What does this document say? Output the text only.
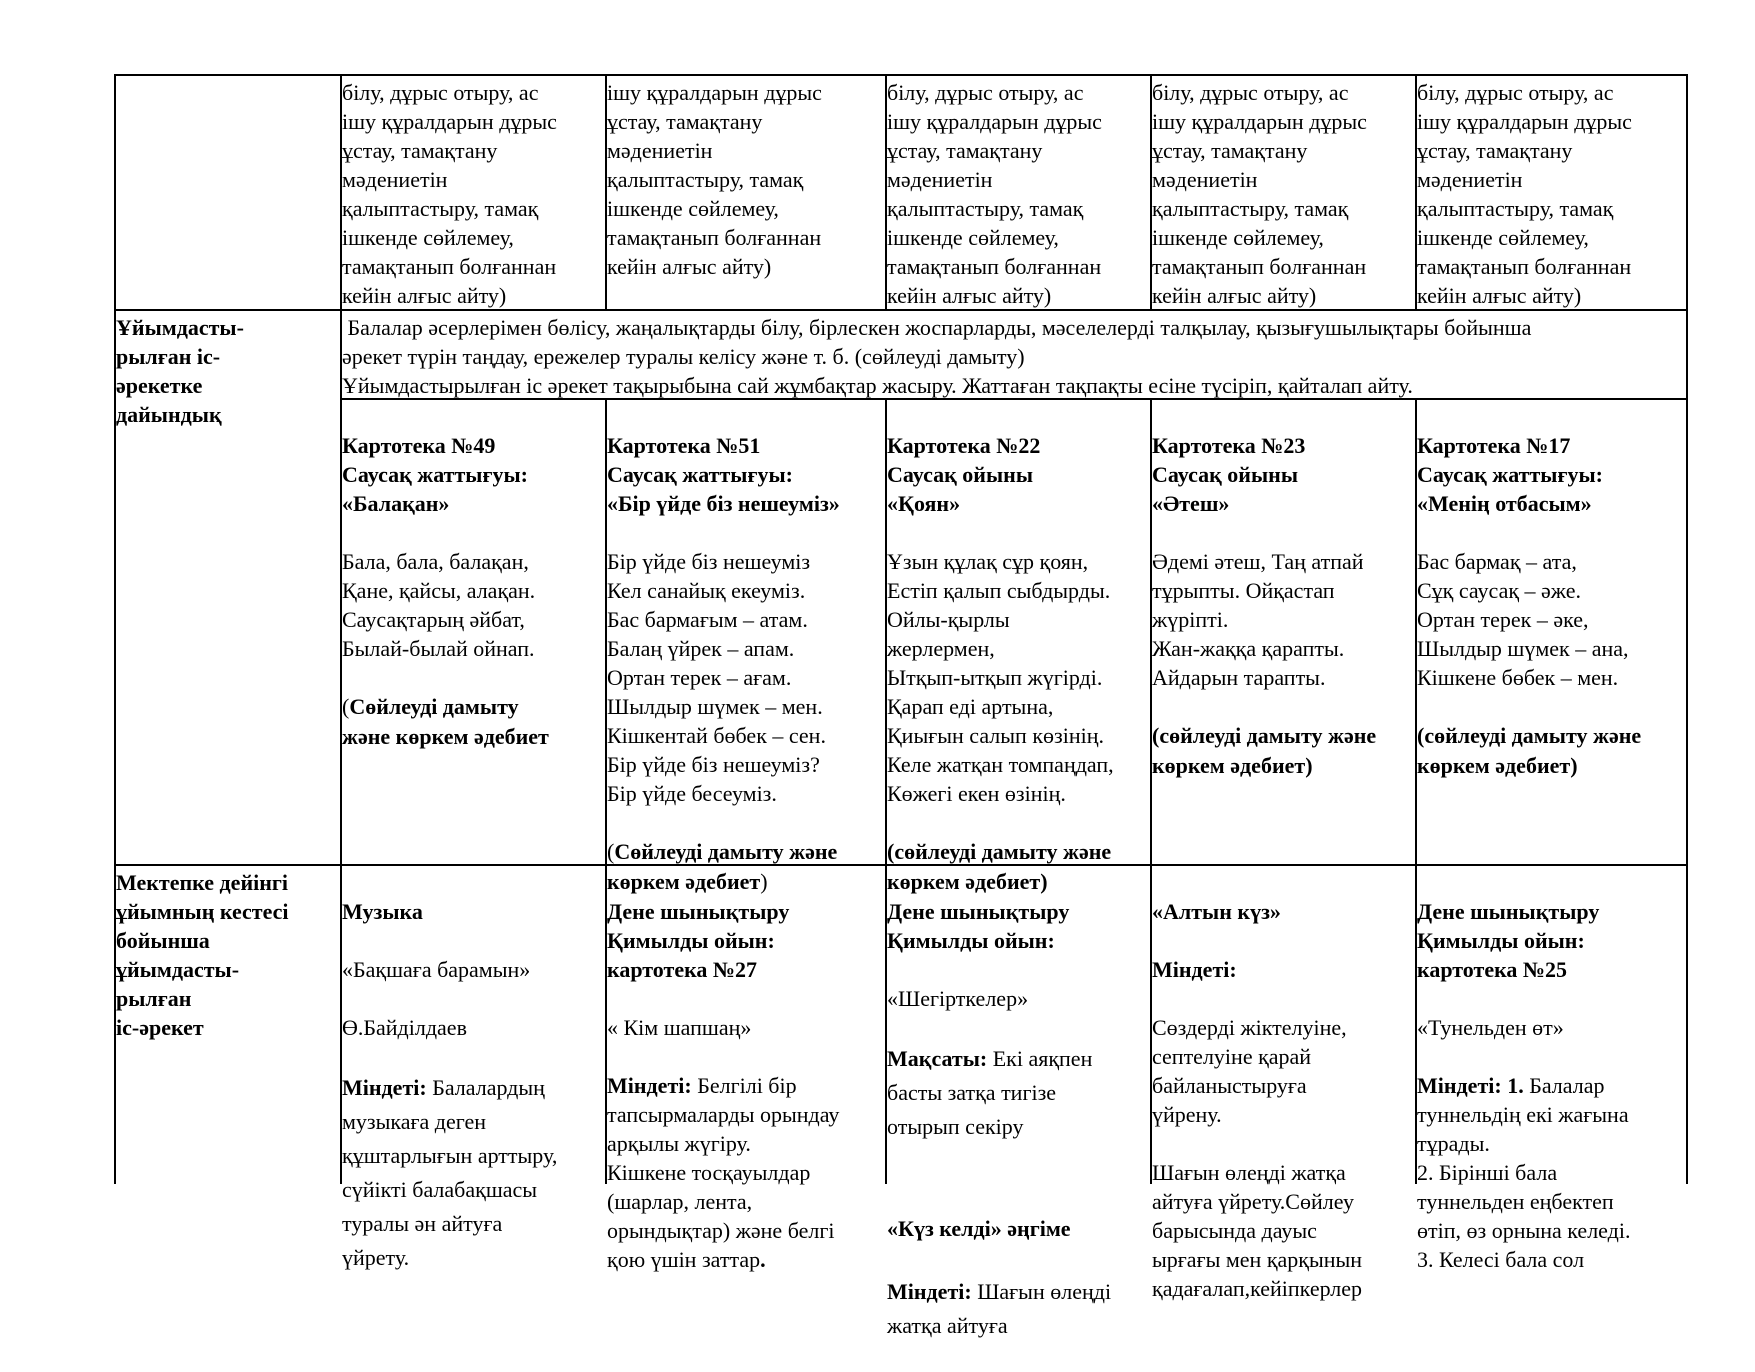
білу, дұрыс отыру, ас
ішу құралдарын дұрыс
ұстау, тамақтану
мәдениетін
қалыптастыру, тамақ
ішкенде сөйлемеу,
тамақтанып болғаннан
кейін алғыс айту)
ішу құралдарын дұрыс
ұстау, тамақтану
мәдениетін
қалыптастыру, тамақ
ішкенде сөйлемеу,
тамақтанып болғаннан
кейін алғыс айту)
білу, дұрыс отыру, ас
ішу құралдарын дұрыс
ұстау, тамақтану
мәдениетін
қалыптастыру, тамақ
ішкенде сөйлемеу,
тамақтанып болғаннан
кейін алғыс айту)
білу, дұрыс отыру, ас
ішу құралдарын дұрыс
ұстау, тамақтану
мәдениетін
қалыптастыру, тамақ
ішкенде сөйлемеу,
тамақтанып болғаннан
кейін алғыс айту)
білу, дұрыс отыру, ас
ішу құралдарын дұрыс
ұстау, тамақтану
мәдениетін
қалыптастыру, тамақ
ішкенде сөйлемеу,
тамақтанып болғаннан
кейін алғыс айту)
Ұйымдасты-
рылған іс-
әрекетке
дайындық
Балалар әсерлерімен бөлісу, жаңалықтарды білу, бірлескен жоспарларды, мәселелерді талқылау, қызығушылықтары бойынша
әрекет түрін таңдау, ережелер туралы келісу және т. б. (сөйлеуді дамыту)
Ұйымдастырылған іс әрекет тақырыбына сай жұмбақтар жасыру. Жаттаған тақпақты есіне түсіріп, қайталап айту.

Картотека №49
Саусақ жаттығуы:
«Балақан»

Бала, бала, балақан,
Қане, қайсы, алақан.
Саусақтарың әйбат,
Былай-былай ойнап.

(Сөйлеуді дамыту
және көркем әдебиет

Картотека №51
Саусақ жаттығуы:
«Бір үйде біз нешеуміз»

Бір үйде біз нешеуміз
Кел санайық екеуміз.
Бас бармағым – атам.
Балаң үйрек – апам.
Ортан терек – ағам.
Шылдыр шүмек – мен.
Кішкентай бөбек – сен.
Бір үйде біз нешеуміз?
Бір үйде бесеуміз.

(Сөйлеуді дамыту және
көркем әдебиет)

Картотека №22
Саусақ ойыны
«Қоян»

Ұзын құлақ сұр қоян,
Естіп қалып сыбдырды.
Ойлы-қырлы
жерлермен,
Ытқып-ытқып жүгірді.
Қарап еді артына,
Қиығын салып көзінің.
Келе жатқан томпаңдап,
Көжегі екен өзінің.

(сөйлеуді дамыту және
көркем әдебиет)

Картотека №23
Саусақ ойыны
«Әтеш»

Әдемі әтеш, Таң атпай
тұрыпты. Ойқастап
жүріпті.
Жан-жаққа қарапты.
Айдарын тарапты.

(сөйлеуді дамыту және
көркем әдебиет)

Картотека №17
Саусақ жаттығуы:
«Менің отбасым»

Бас бармақ – ата,
Сұқ саусақ – әже.
Ортан терек – әке,
Шылдыр шүмек – ана,
Кішкене бөбек – мен.

(сөйлеуді дамыту және
көркем әдебиет)

Мектепке дейінгі
ұйымның кестесі
бойынша
ұйымдасты-
рылған
іс-әрекет

Музыка

«Бақшаға барамын»

Ө.Байділдаев

Міндеті: Балалардың
музыкаға деген
құштарлығын арттыру,
сүйікті балабақшасы
туралы ән айтуға
үйрету.

Дене шынықтыру
Қимылды ойын:
картотека №27

« Кім шапшаң»

Міндеті: Белгілі бір
тапсырмаларды орындау
арқылы жүгіру.
Кішкене тосқауылдар
(шарлар, лента,
орындықтар) және белгі
қою үшін заттар.

Дене шынықтыру
Қимылды ойын:

«Шегірткелер»

Мақсаты: Екі аяқпен
басты затқа тигізе
отырып секіру

«Күз келді» әңгіме

Міндеті: Шағын өлеңді
жатқа айтуға

«Алтын күз»

Міндеті:

Сөздерді жіктелуіне,
септелуіне қарай
байланыстыруға
үйрену.

Шағын өлеңді жатқа
айтуға үйрету.Сөйлеу
барысында дауыс
ырғағы мен қарқынын
қадағалап,кейіпкерлер

Дене шынықтыру
Қимылды ойын:
картотека №25

«Тунельден өт»

Міндеті: 1. Балалар
туннельдің екі жағына
тұрады.
2. Бірінші бала
туннельден еңбектеп
өтіп, өз орнына келеді.
3. Келесі бала сол
